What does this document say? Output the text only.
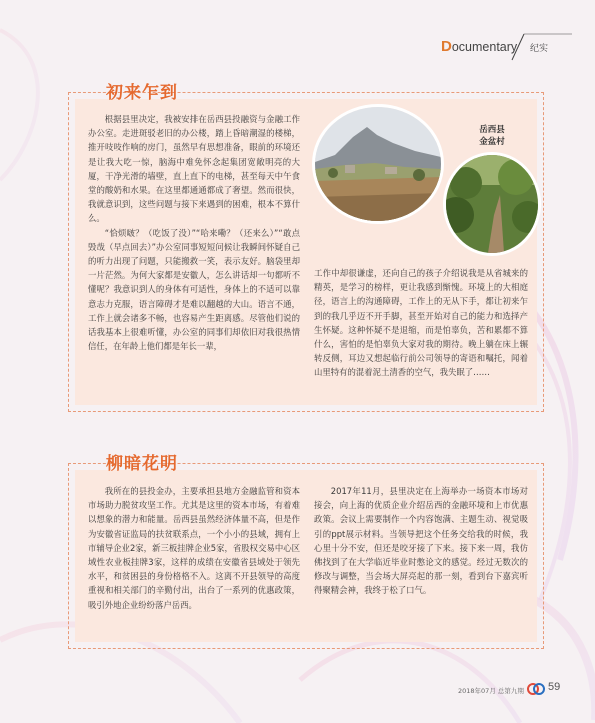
Documentary 纪实
初来乍到

根据县里决定，我被安排在岳西县投融资与金融工作办公室。走进斑驳老旧的办公楼，踏上昏暗潮湿的楼梯，推开吱吱作响的房门，虽然早有思想准备，眼前的环境还是让我大吃一惊，脑海中难免怀念起集团宽敞明亮的大厦，干净光滑的墙壁，直上直下的电梯，甚至每天中午食堂的酸奶和水果。在这里都通通都成了奢望。然而很快，我就意识到，这些问题与接下来遇到的困难，根本不算什么。

“恰烦啵？（吃饭了没）”“哈来嘞？（还来么）”“敢点毁哉（早点回去）”办公室同事短短问候让我瞬间怀疑自己的听力出现了问题，只能搬救一笑，表示友好。脑袋里却一片茫然。为何大家都是安徽人，怎么讲话却一句都听不懂呢？我意识到人的身体有可适性，身体上的不适可以靠意志力克服，语言障碍才是难以翻越的大山。语言不通，工作上就会诸多不畅，也容易产生距离感。尽管他们说的话我基本上很难听懂，办公室的同事们却依旧对我很热情信任，在年龄上他们都是年长一辈，

岳西县
金盆村

工作中却很谦虚，还向自己的孩子介绍说我是从省城来的精英，是学习的榜样，更让我感到惭愧。环境上的大相庭径，语言上的沟通障碍，工作上的无从下手，都让初来乍到的我几乎迈不开手脚，甚至开始对自己的能力和选择产生怀疑。这种怀疑不是退缩，而是怕辜负，苦和累都不算什么，害怕的是怕辜负大家对我的期待。晚上躺在床上辗转反侧，耳边又想起临行前公司领导的寄语和嘱托，闻着山里特有的混着泥土清香的空气，我失眠了……

柳暗花明

我所在的县投金办，主要承担县地方金融监管和资本市场助力脱贫攻坚工作。尤其是这里的资本市场，有着难以想象的潜力和能量。岳西县虽然经济体量不高，但是作为安徽省证监局的扶贫联系点，一个小小的县域，拥有上市辅导企业2家，新三板挂牌企业5家，省股权交易中心区域性农业板挂牌3家，这样的成绩在安徽省县域处于领先水平，和贫困县的身份格格不入。这离不开县领导的高度重视和相关部门的辛勤付出，出台了一系列的优惠政策，吸引外地企业纷纷落户岳西。

2017年11月，县里决定在上海举办一场资本市场对接会，向上海的优质企业介绍岳西的金融环境和上市优惠政策。会议上需要制作一个内容饱满、主题生动、视觉吸引的ppt展示材料。当领导把这个任务交给我的时候，我心里十分不安，但还是咬牙接了下来。接下来一周，我仿佛找到了在大学临近毕业时憋论文的感觉。经过无数次的修改与调整，当会场大屏亮起的那一刻，看到台下嘉宾听得聚精会神，我终于松了口气。

2018年07月 总第九期 59
